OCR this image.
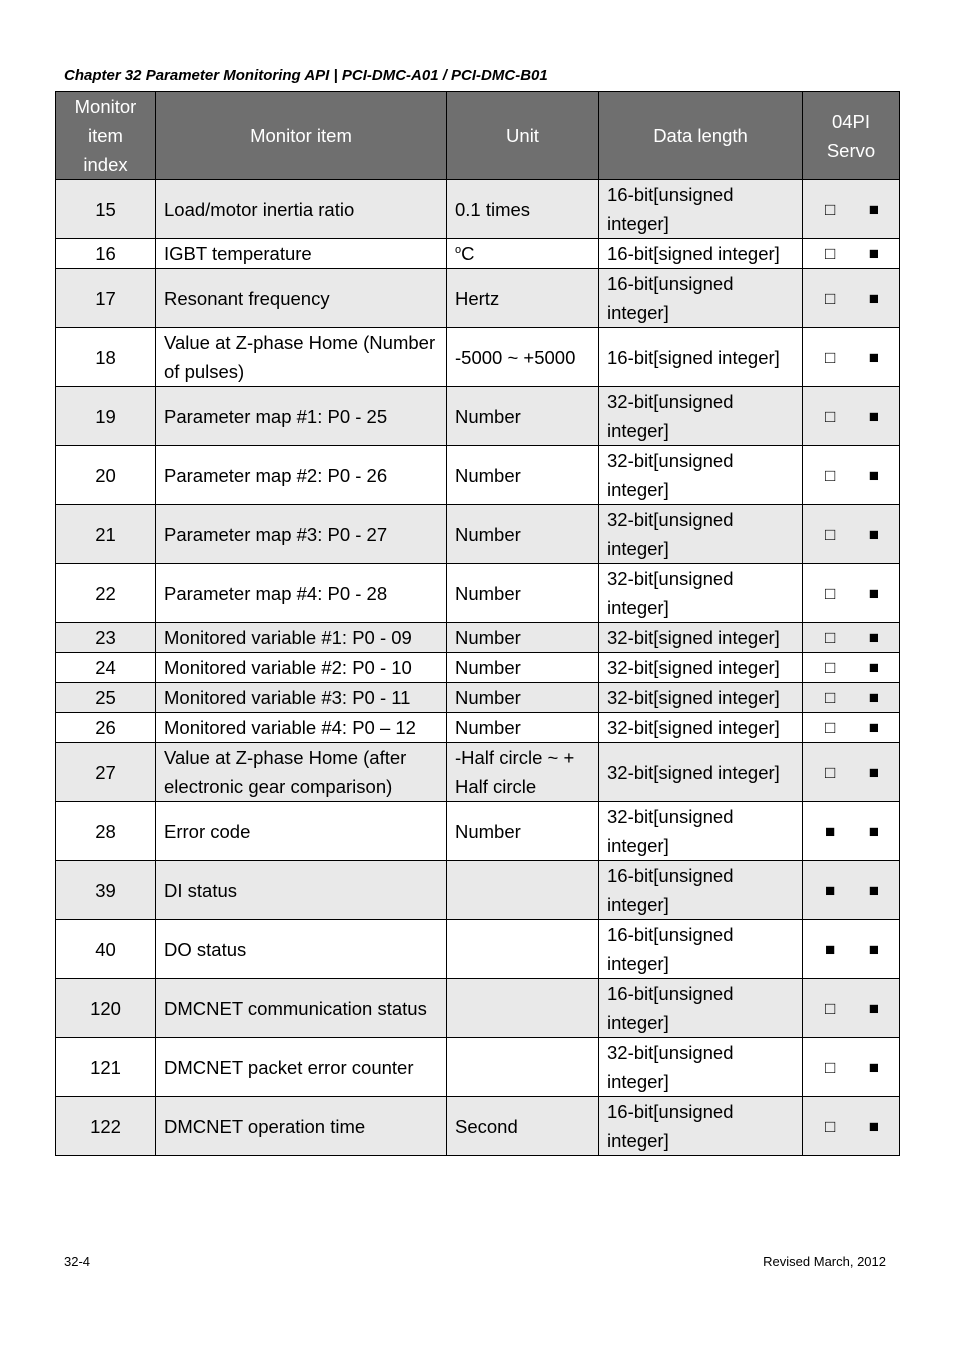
Chapter 32 Parameter Monitoring API | PCI-DMC-A01 / PCI-DMC-B01
Monitor item index	Monitor item	Unit	Data length	04PI Servo
15	Load/motor inertia ratio	0.1 times	16-bit[unsigned integer]	□ ■

16	IGBT temperature	$^o$C	16-bit[signed integer]	□ ■

17	Resonant frequency	Hertz	16-bit[unsigned integer]	□ ■

18	Value at Z-phase Home (Number of pulses)	-5000 ~ +5000	16-bit[signed integer]	□ ■

19	Parameter map #1: P0 - 25	Number	32-bit[unsigned integer]	□ ■

20	Parameter map #2: P0 - 26	Number	32-bit[unsigned integer]	□ ■

21	Parameter map #3: P0 - 27	Number	32-bit[unsigned integer]	□ ■

22	Parameter map #4: P0 - 28	Number	32-bit[unsigned integer]	□ ■

23	Monitored variable #1: P0 - 09	Number	32-bit[signed integer]	□ ■

24	Monitored variable #2: P0 - 10	Number	32-bit[signed integer]	□ ■

25	Monitored variable #3: P0 - 11	Number	32-bit[signed integer]	□ ■

26	Monitored variable #4: P0 – 12	Number	32-bit[signed integer]	□ ■

27	Value at Z-phase Home (after electronic gear comparison)	-Half circle ~ + Half circle	32-bit[signed integer]	□ ■

28	Error code	Number	32-bit[unsigned integer]	■ ■

39	DI status		16-bit[unsigned integer]	■ ■

40	DO status		16-bit[unsigned integer]	■ ■

120	DMCNET communication status		16-bit[unsigned integer]	□ ■

121	DMCNET packet error counter		32-bit[unsigned integer]	□ ■

122	DMCNET operation time	Second	16-bit[unsigned integer]	□ ■
32-4	Revised March, 2012
